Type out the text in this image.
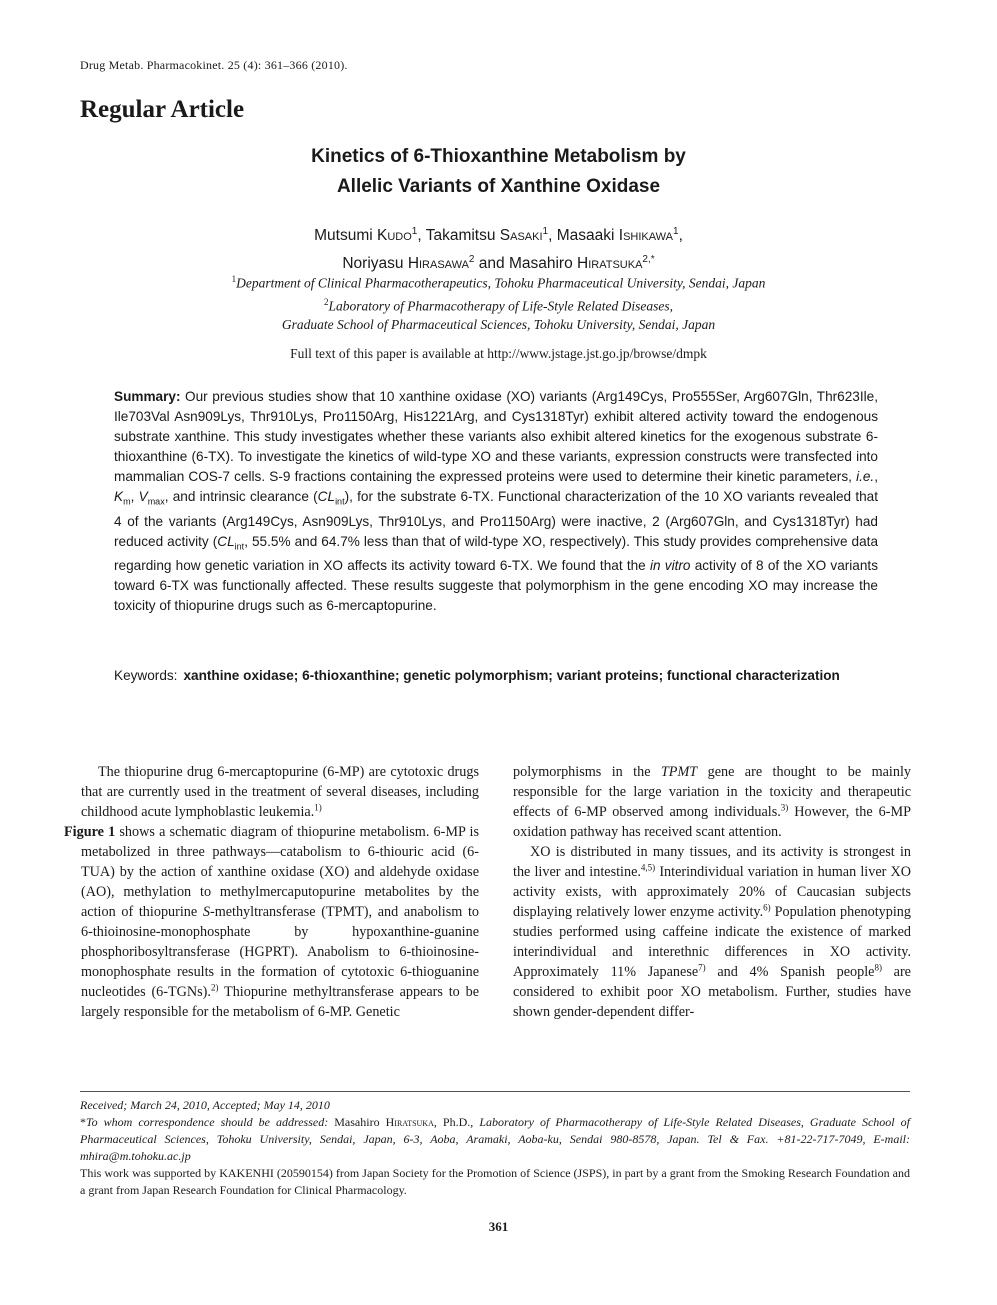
Drug Metab. Pharmacokinet. 25 (4): 361–366 (2010).
Regular Article
Kinetics of 6-Thioxanthine Metabolism by
Allelic Variants of Xanthine Oxidase
Mutsumi Kudo$^1$, Takamitsu Sasaki$^1$, Masaaki Ishikawa$^1$,
Noriyasu Hirasawa$^2$ and Masahiro Hiratsuka$^{2,*}$
$^1$Department of Clinical Pharmacotherapeutics, Tohoku Pharmaceutical University, Sendai, Japan
$^2$Laboratory of Pharmacotherapy of Life-Style Related Diseases,
Graduate School of Pharmaceutical Sciences, Tohoku University, Sendai, Japan
Full text of this paper is available at http://www.jstage.jst.go.jp/browse/dmpk
Summary: Our previous studies show that 10 xanthine oxidase (XO) variants (Arg149Cys, Pro555Ser, Arg607Gln, Thr623Ile, Ile703Val Asn909Lys, Thr910Lys, Pro1150Arg, His1221Arg, and Cys1318Tyr) exhibit altered activity toward the endogenous substrate xanthine. This study investigates whether these variants also exhibit altered kinetics for the exogenous substrate 6-thioxanthine (6-TX). To investigate the kinetics of wild-type XO and these variants, expression constructs were transfected into mammalian COS-7 cells. S-9 fractions containing the expressed proteins were used to determine their kinetic parameters, i.e., $K_m$, $V_{max}$, and intrinsic clearance $(CL_{int})$, for the substrate 6-TX. Functional characterization of the 10 XO variants revealed that 4 of the variants (Arg149Cys, Asn909Lys, Thr910Lys, and Pro1150Arg) were inactive, 2 (Arg607Gln, and Cys1318Tyr) had reduced activity ($CL_{int}$, 55.5% and 64.7% less than that of wild-type XO, respectively). This study provides comprehensive data regarding how genetic variation in XO affects its activity toward 6-TX. We found that the in vitro activity of 8 of the XO variants toward 6-TX was functionally affected. These results suggeste that polymorphism in the gene encoding XO may increase the toxicity of thiopurine drugs such as 6-mercaptopurine.
Keywords: xanthine oxidase; 6-thioxanthine; genetic polymorphism; variant proteins; functional characterization

The thiopurine drug 6-mercaptopurine (6-MP) are cytotoxic drugs that are currently used in the treatment of several diseases, including childhood acute lymphoblastic leukemia.$^{1)}$
Figure 1 shows a schematic diagram of thiopurine metabolism. 6-MP is metabolized in three pathways—catabolism to 6-thiouric acid (6-TUA) by the action of xanthine oxidase (XO) and aldehyde oxidase (AO), methylation to methylmercaputopurine metabolites by the action of thiopurine S-methyltransferase (TPMT), and anabolism to 6-thioinosine-monophosphate by hypoxanthine-guanine phosphoribosyltransferase (HGPRT). Anabolism to 6-thioinosine-monophosphate results in the formation of cytotoxic 6-thioguanine nucleotides (6-TGNs).$^{2)}$ Thiopurine methyltransferase appears to be largely responsible for the metabolism of 6-MP. Genetic

polymorphisms in the TPMT gene are thought to be mainly responsible for the large variation in the toxicity and therapeutic effects of 6-MP observed among individuals.$^{3)}$ However, the 6-MP oxidation pathway has received scant attention.

XO is distributed in many tissues, and its activity is strongest in the liver and intestine.$^{4,5)}$ Interindividual variation in human liver XO activity exists, with approximately 20% of Caucasian subjects displaying relatively lower enzyme activity.$^{6)}$ Population phenotyping studies performed using caffeine indicate the existence of marked interindividual and interethnic differences in XO activity. Approximately 11% Japanese$^{7)}$ and 4% Spanish people$^{8)}$ are considered to exhibit poor XO metabolism. Further, studies have shown gender-dependent differ-

Received; March 24, 2010, Accepted; May 14, 2010
*To whom correspondence should be addressed: Masahiro Hiratsuka, Ph.D., Laboratory of Pharmacotherapy of Life-Style Related Diseases, Graduate School of Pharmaceutical Sciences, Tohoku University, Sendai, Japan, 6-3, Aoba, Aramaki, Aoba-ku, Sendai 980-8578, Japan. Tel & Fax. +81-22-717-7049, E-mail: mhira@m.tohoku.ac.jp
This work was supported by KAKENHI (20590154) from Japan Society for the Promotion of Science (JSPS), in part by a grant from the Smoking Research Foundation and a grant from Japan Research Foundation for Clinical Pharmacology.
361
